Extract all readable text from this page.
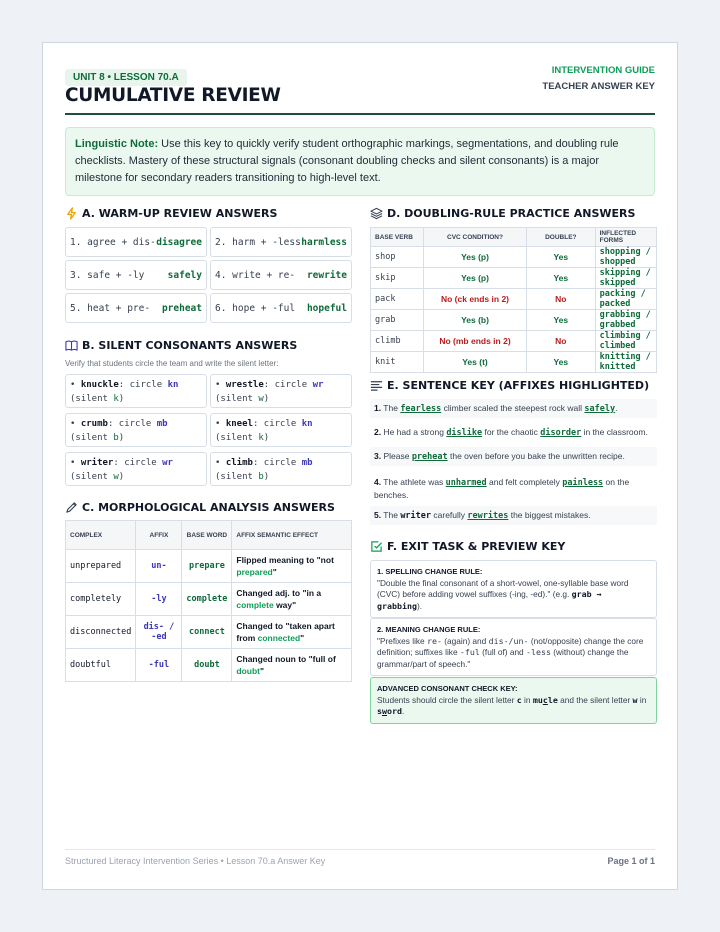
UNIT 8 • LESSON 70.A
CUMULATIVE REVIEW
INTERVENTION GUIDE
TEACHER ANSWER KEY
Linguistic Note: Use this key to quickly verify student orthographic markings, segmentations, and doubling rule checklists. Mastery of these structural signals (consonant doubling checks and silent consonants) is a major milestone for secondary readers transitioning to high-level text.
A. WARM-UP REVIEW ANSWERS
1. agree + dis- disagree 2. harm + -less harmless
3. safe + -ly safely 4. write + re- rewrite
5. heat + pre- preheat 6. hope + -ful hopeful
B. SILENT CONSONANTS ANSWERS
Verify that students circle the team and write the silent letter:
• knuckle: circle kn
(silent k)
• wrestle: circle wr
(silent w)
• crumb: circle mb
(silent b)
• kneel: circle kn
(silent k)
• writer: circle wr
(silent w)
• climb: circle mb
(silent b)
C. MORPHOLOGICAL ANALYSIS ANSWERS
COMPLEX	AFFIX	BASE WORD	AFFIX SEMANTIC EFFECT
unprepared	un-	prepare	Flipped meaning to "not prepared"
completely	-ly	complete	Changed adj. to "in a complete way"
disconnected	dis- / -ed	connect	Changed to "taken apart from connected"
doubtful	-ful	doubt	Changed noun to "full of doubt"
D. DOUBLING-RULE PRACTICE ANSWERS
BASE VERB	CVC CONDITION?	DOUBLE?	INFLECTED FORMS
shop	Yes (p)	Yes	shopping / shopped
skip	Yes (p)	Yes	skipping / skipped
pack	No (ck ends in 2)	No	packing / packed
grab	Yes (b)	Yes	grabbing / grabbed
climb	No (mb ends in 2)	No	climbing / climbed
knit	Yes (t)	Yes	knitting / knitted
E. SENTENCE KEY (AFFIXES HIGHLIGHTED)
1. The fearless climber scaled the steepest rock wall safely.
2. He had a strong dislike for the chaotic disorder in the classroom.
3. Please preheat the oven before you bake the unwritten recipe.
4. The athlete was unharmed and felt completely painless on the benches.
5. The writer carefully rewrites the biggest mistakes.
F. EXIT TASK & PREVIEW KEY
1. SPELLING CHANGE RULE:
"Double the final consonant of a short-vowel, one-syllable base word (CVC) before adding vowel suffixes (-ing, -ed)." (e.g. grab → grabbing).
2. MEANING CHANGE RULE:
"Prefixes like re- (again) and dis-/un- (not/opposite) change the core definition; suffixes like -ful (full of) and -less (without) change the grammar/part of speech."
ADVANCED CONSONANT CHECK KEY:
Students should circle the silent letter c in mucle and the silent letter w in sword.
Structured Literacy Intervention Series • Lesson 70.a Answer Key	Page 1 of 1
